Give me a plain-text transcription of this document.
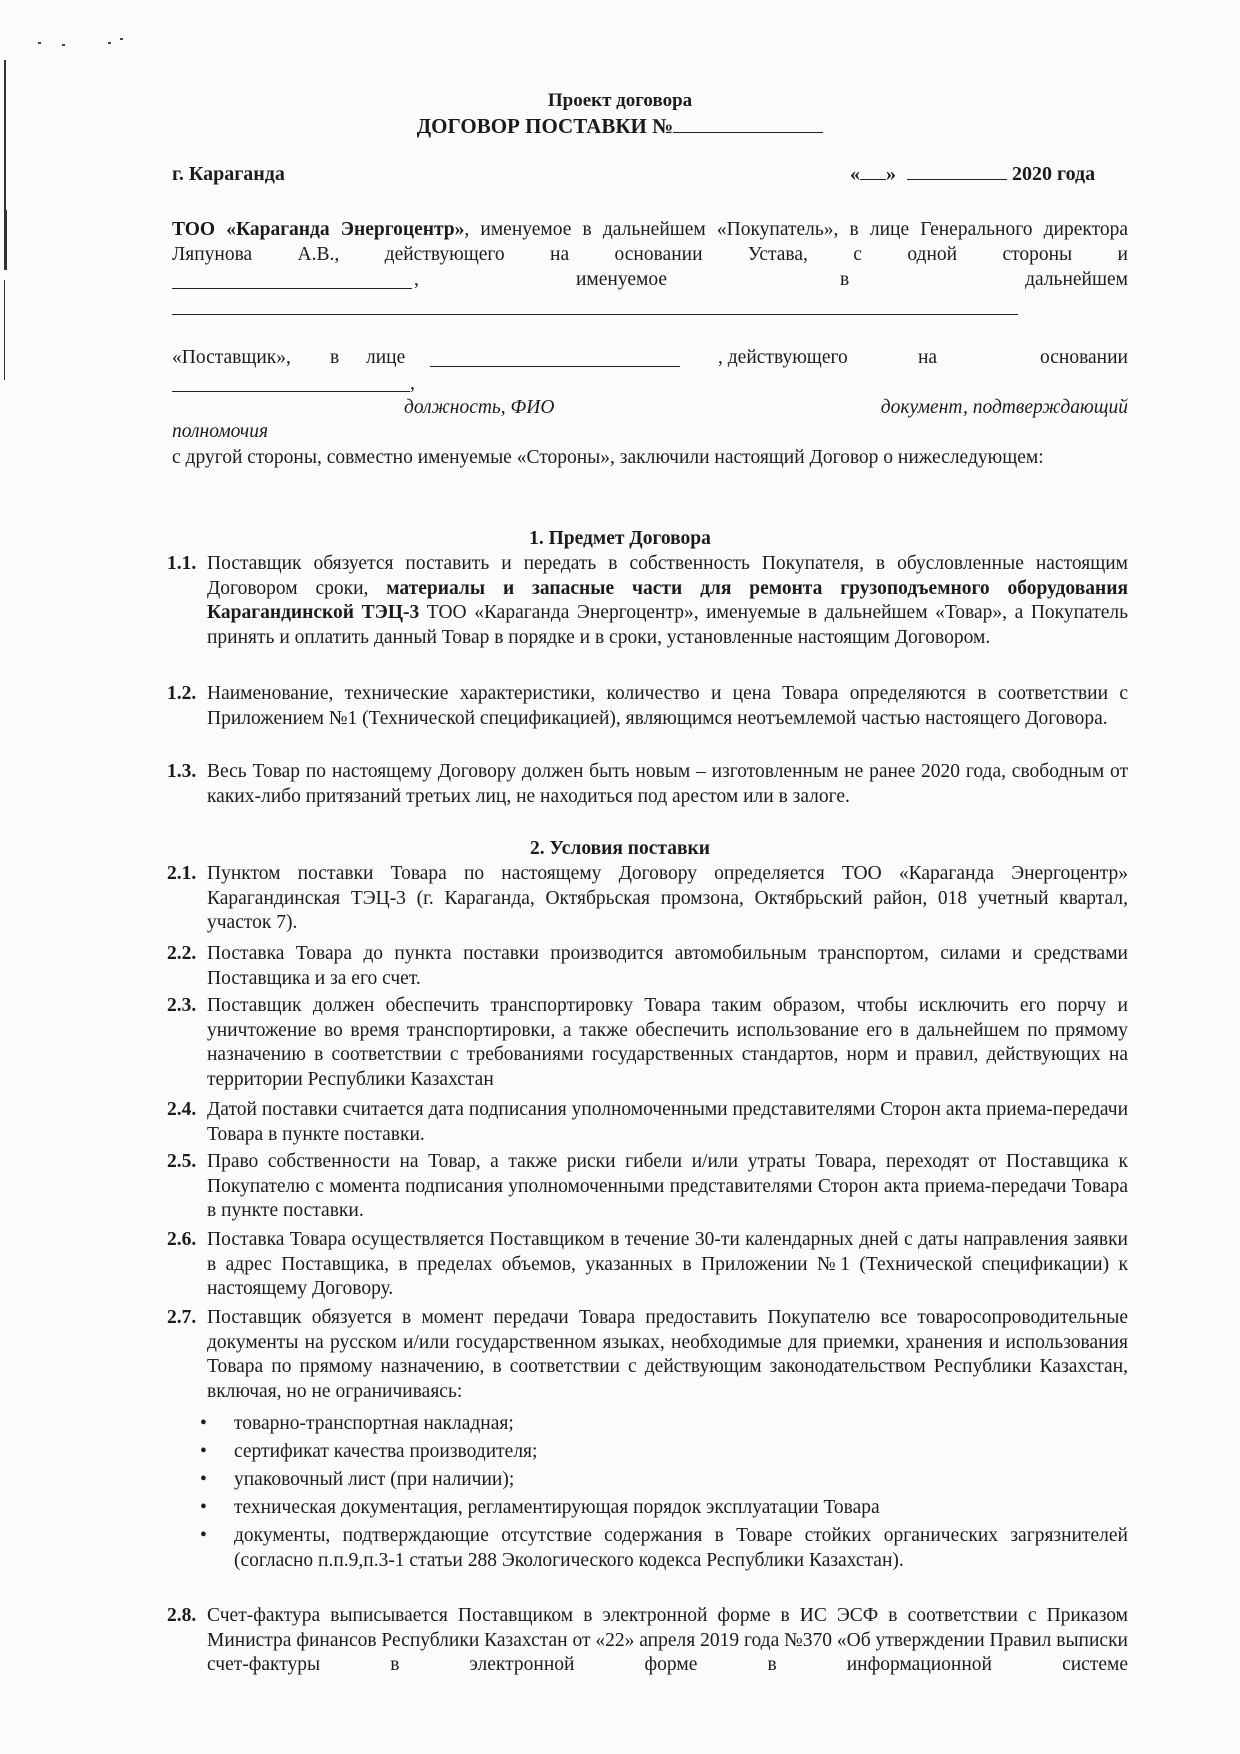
Проект договора
ДОГОВОР ПОСТАВКИ №
г. Караганда	« »	2020 года
ТОО «Караганда Энергоцентр», именуемое в дальнейшем «Покупатель», в лице Генерального директора Ляпунова А.В., действующего на основании Устава, с одной стороны и
,	именуемое	в	дальнейшем
«Поставщик», в лице	, действующего	на	основании
,
должность, ФИО	документ, подтверждающий
полномочия
с другой стороны, совместно именуемые «Стороны», заключили настоящий Договор о нижеследующем:
1. Предмет Договора
1.1. Поставщик обязуется поставить и передать в собственность Покупателя, в обусловленные настоящим Договором сроки, материалы и запасные части для ремонта грузоподъемного оборудования Карагандинской ТЭЦ-3 ТОО «Караганда Энергоцентр», именуемые в дальнейшем «Товар», а Покупатель принять и оплатить данный Товар в порядке и в сроки, установленные настоящим Договором.
1.2. Наименование, технические характеристики, количество и цена Товара определяются в соответствии с Приложением №1 (Технической спецификацией), являющимся неотъемлемой частью настоящего Договора.
1.3. Весь Товар по настоящему Договору должен быть новым – изготовленным не ранее 2020 года, свободным от каких-либо притязаний третьих лиц, не находиться под арестом или в залоге.
2. Условия поставки
2.1. Пунктом поставки Товара по настоящему Договору определяется ТОО «Караганда Энергоцентр» Карагандинская ТЭЦ-3 (г. Караганда, Октябрьская промзона, Октябрьский район, 018 учетный квартал, участок 7).
2.2. Поставка Товара до пункта поставки производится автомобильным транспортом, силами и средствами Поставщика и за его счет.
2.3. Поставщик должен обеспечить транспортировку Товара таким образом, чтобы исключить его порчу и уничтожение во время транспортировки, а также обеспечить использование его в дальнейшем по прямому назначению в соответствии с требованиями государственных стандартов, норм и правил, действующих на территории Республики Казахстан
2.4. Датой поставки считается дата подписания уполномоченными представителями Сторон акта приема-передачи Товара в пункте поставки.
2.5. Право собственности на Товар, а также риски гибели и/или утраты Товара, переходят от Поставщика к Покупателю с момента подписания уполномоченными представителями Сторон акта приема-передачи Товара в пункте поставки.
2.6. Поставка Товара осуществляется Поставщиком в течение 30-ти календарных дней с даты направления заявки в адрес Поставщика, в пределах объемов, указанных в Приложении №1 (Технической спецификации) к настоящему Договору.
2.7. Поставщик обязуется в момент передачи Товара предоставить Покупателю все товаросопроводительные документы на русском и/или государственном языках, необходимые для приемки, хранения и использования Товара по прямому назначению, в соответствии с действующим законодательством Республики Казахстан, включая, но не ограничиваясь:
• товарно-транспортная накладная;
• сертификат качества производителя;
• упаковочный лист (при наличии);
• техническая документация, регламентирующая порядок эксплуатации Товара
• документы, подтверждающие отсутствие содержания в Товаре стойких органических загрязнителей (согласно п.п.9,п.3-1 статьи 288 Экологического кодекса Республики Казахстан).
2.8. Счет-фактура выписывается Поставщиком в электронной форме в ИС ЭСФ в соответствии с Приказом Министра финансов Республики Казахстан от «22» апреля 2019 года №370 «Об утверждении Правил выписки счет-фактуры в электронной форме в информационной системе
